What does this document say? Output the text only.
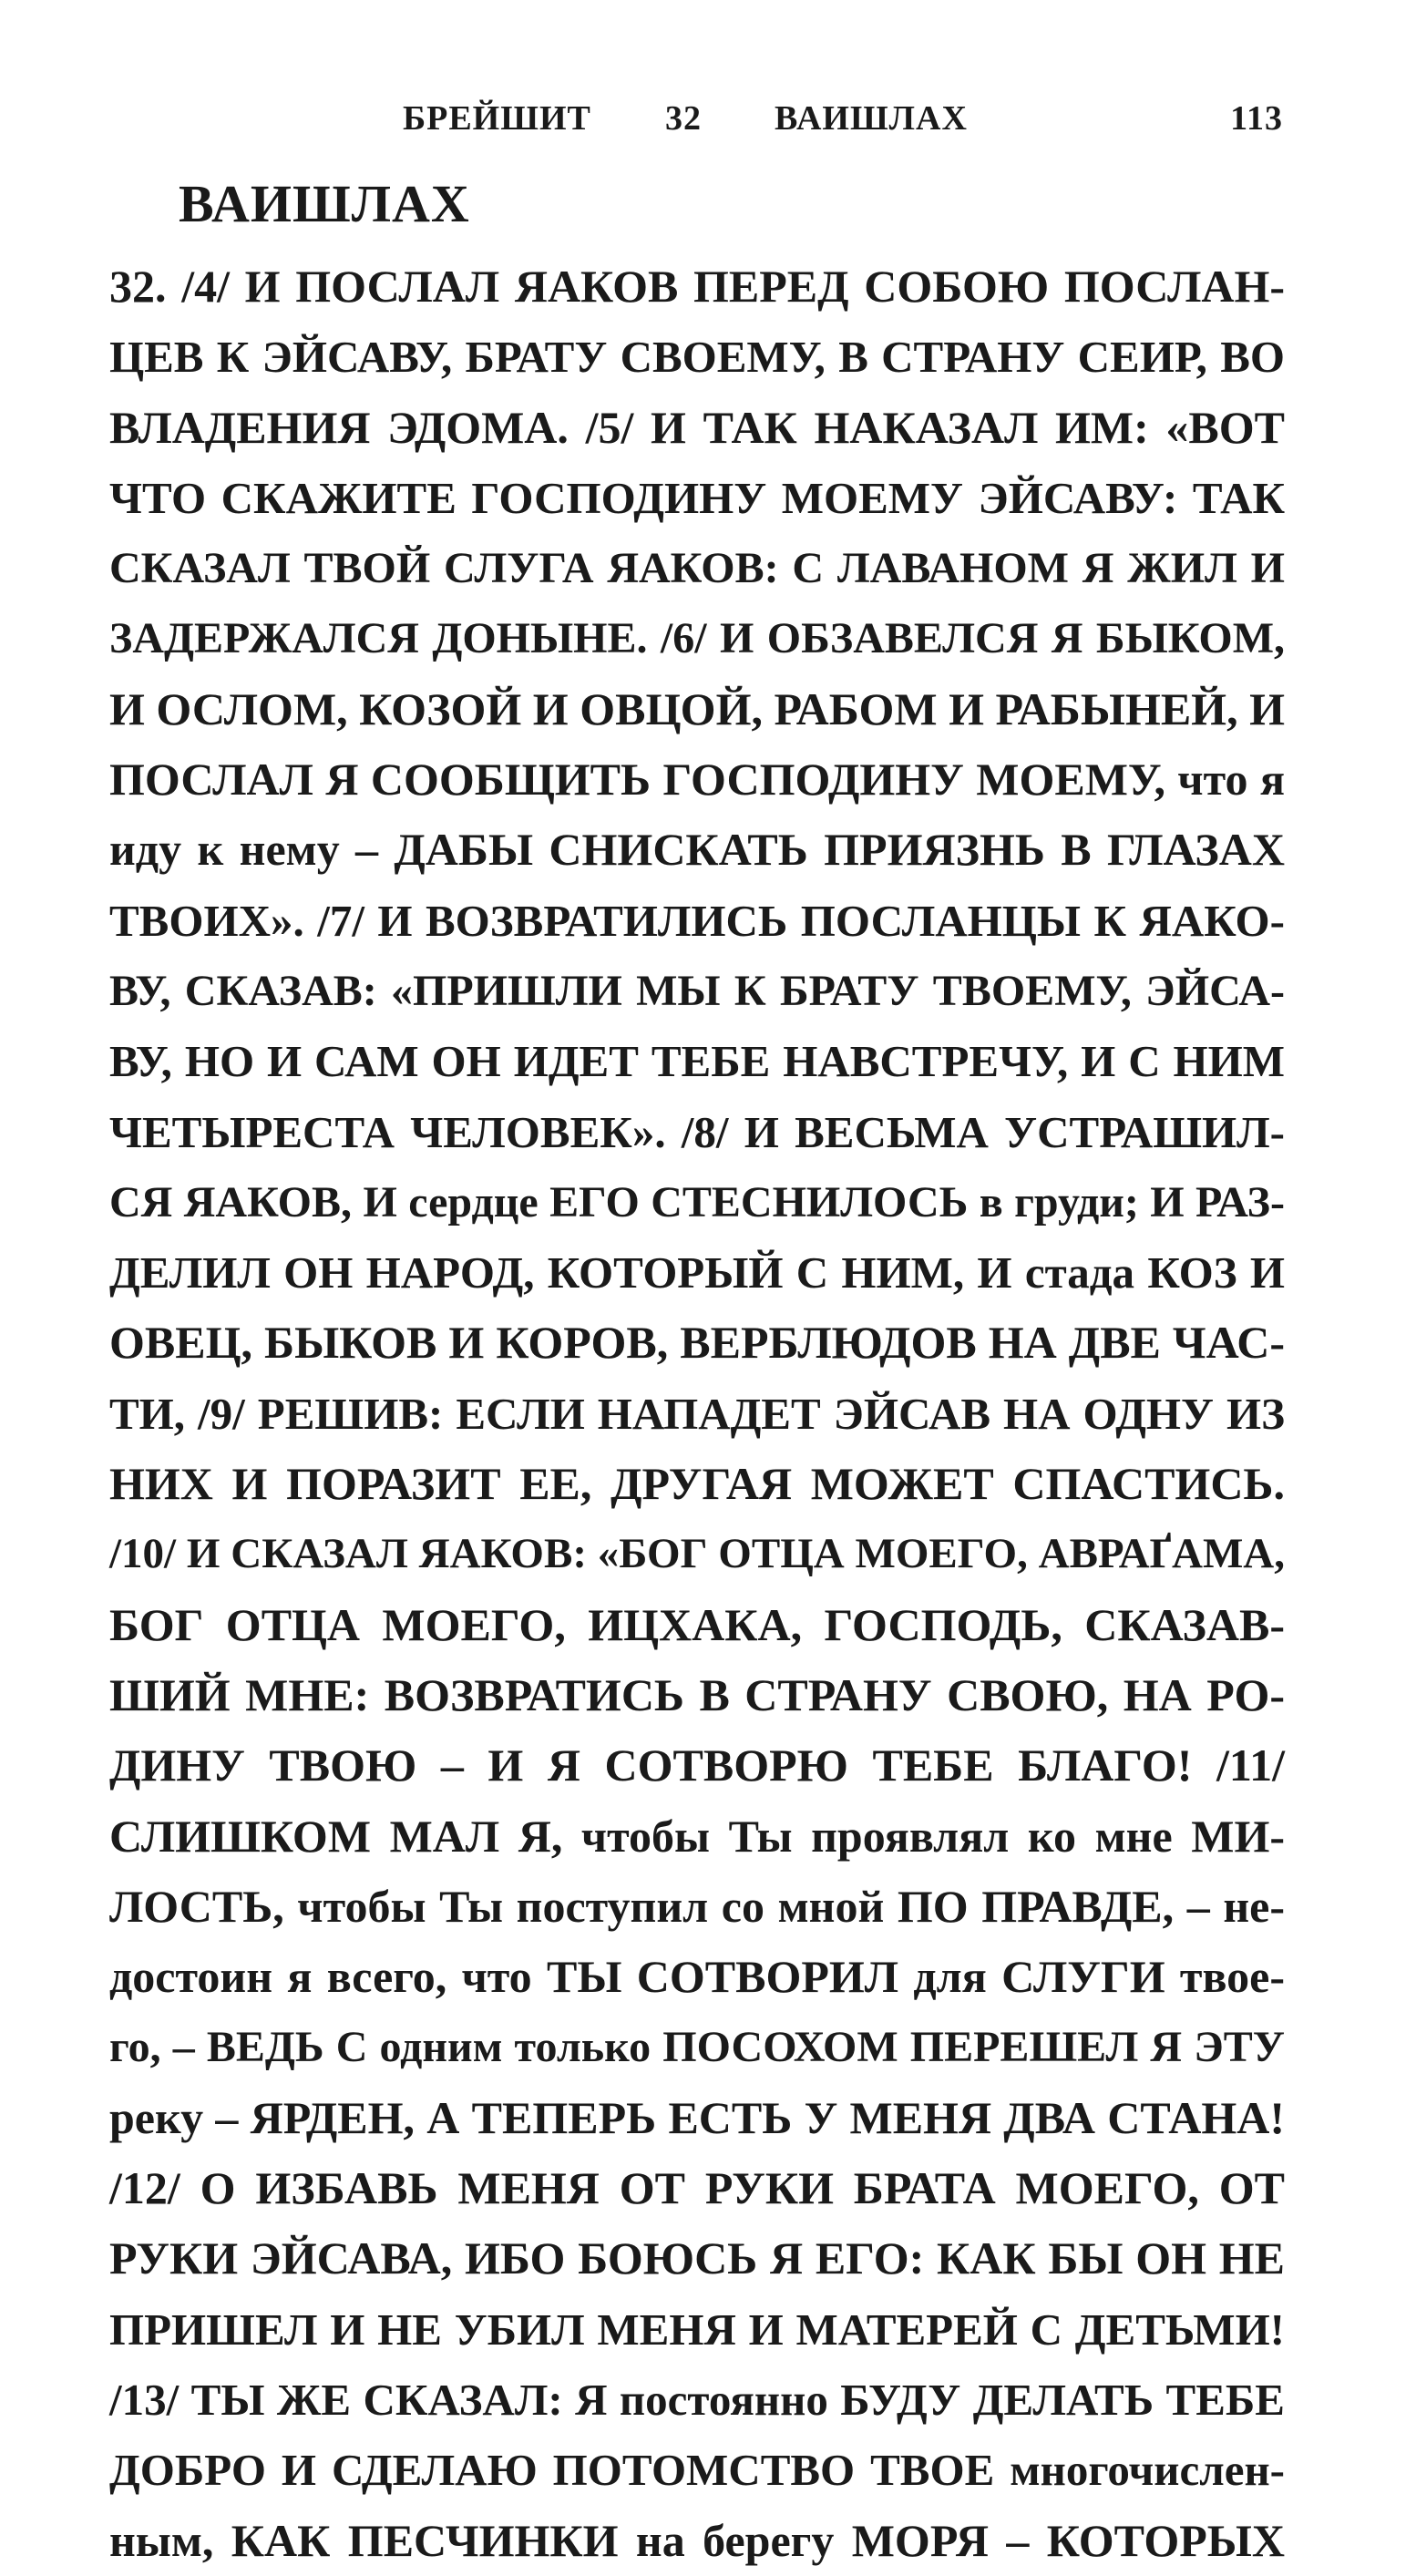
БРЕЙШИТ 32 ВАИШЛАХ	113
ВАИШЛАХ
32. /4/ И ПОСЛАЛ ЯАКОВ ПЕРЕД СОБОЮ ПОСЛАН-
ЦЕВ К ЭЙСАВУ, БРАТУ СВОЕМУ, В СТРАНУ СЕИР, ВО
ВЛАДЕНИЯ ЭДОМА. /5/ И ТАК НАКАЗАЛ ИМ: «ВОТ
ЧТО СКАЖИТЕ ГОСПОДИНУ МОЕМУ ЭЙСАВУ: ТАК
СКАЗАЛ ТВОЙ СЛУГА ЯАКОВ: С ЛАВАНОМ Я ЖИЛ И
ЗАДЕРЖАЛСЯ ДОНЫНЕ. /6/ И ОБЗАВЕЛСЯ Я БЫКОМ,
И ОСЛОМ, КОЗОЙ И ОВЦОЙ, РАБОМ И РАБЫНЕЙ, И
ПОСЛАЛ Я СООБЩИТЬ ГОСПОДИНУ МОЕМУ, что я
иду к нему – ДАБЫ СНИСКАТЬ ПРИЯЗНЬ В ГЛАЗАХ
ТВОИХ». /7/ И ВОЗВРАТИЛИСЬ ПОСЛАНЦЫ К ЯАКО-
ВУ, СКАЗАВ: «ПРИШЛИ МЫ К БРАТУ ТВОЕМУ, ЭЙСА-
ВУ, НО И САМ ОН ИДЕТ ТЕБЕ НАВСТРЕЧУ, И С НИМ
ЧЕТЫРЕСТА ЧЕЛОВЕК». /8/ И ВЕСЬМА УСТРАШИЛ-
СЯ ЯАКОВ, И сердце ЕГО СТЕСНИЛОСЬ в груди; И РАЗ-
ДЕЛИЛ ОН НАРОД, КОТОРЫЙ С НИМ, И стада КОЗ И
ОВЕЦ, БЫКОВ И КОРОВ, ВЕРБЛЮДОВ НА ДВЕ ЧАС-
ТИ, /9/ РЕШИВ: ЕСЛИ НАПАДЕТ ЭЙСАВ НА ОДНУ ИЗ
НИХ И ПОРАЗИТ ЕЕ, ДРУГАЯ МОЖЕТ СПАСТИСЬ.
/10/ И СКАЗАЛ ЯАКОВ: «БОГ ОТЦА МОЕГО, АВРАҐАМА,
БОГ ОТЦА МОЕГО, ИЦХАКА, ГОСПОДЬ, СКАЗАВ-
ШИЙ МНЕ: ВОЗВРАТИСЬ В СТРАНУ СВОЮ, НА РО-
ДИНУ ТВОЮ – И Я СОТВОРЮ ТЕБЕ БЛАГО! /11/
СЛИШКОМ МАЛ Я, чтобы Ты проявлял ко мне МИ-
ЛОСТЬ, чтобы Ты поступил со мной ПО ПРАВДЕ, – не-
достоин я всего, что ТЫ СОТВОРИЛ для СЛУГИ твое-
го, – ВЕДЬ С одним только ПОСОХОМ ПЕРЕШЕЛ Я ЭТУ
реку – ЯРДЕН, А ТЕПЕРЬ ЕСТЬ У МЕНЯ ДВА СТАНА!
/12/ О ИЗБАВЬ МЕНЯ ОТ РУКИ БРАТА МОЕГО, ОТ
РУКИ ЭЙСАВА, ИБО БОЮСЬ Я ЕГО: КАК БЫ ОН НЕ
ПРИШЕЛ И НЕ УБИЛ МЕНЯ И МАТЕРЕЙ С ДЕТЬМИ!
/13/ ТЫ ЖЕ СКАЗАЛ: Я постоянно БУДУ ДЕЛАТЬ ТЕБЕ
ДОБРО И СДЕЛАЮ ПОТОМСТВО ТВОЕ многочислен-
ным, КАК ПЕСЧИНКИ на берегу МОРЯ – КОТОРЫХ
